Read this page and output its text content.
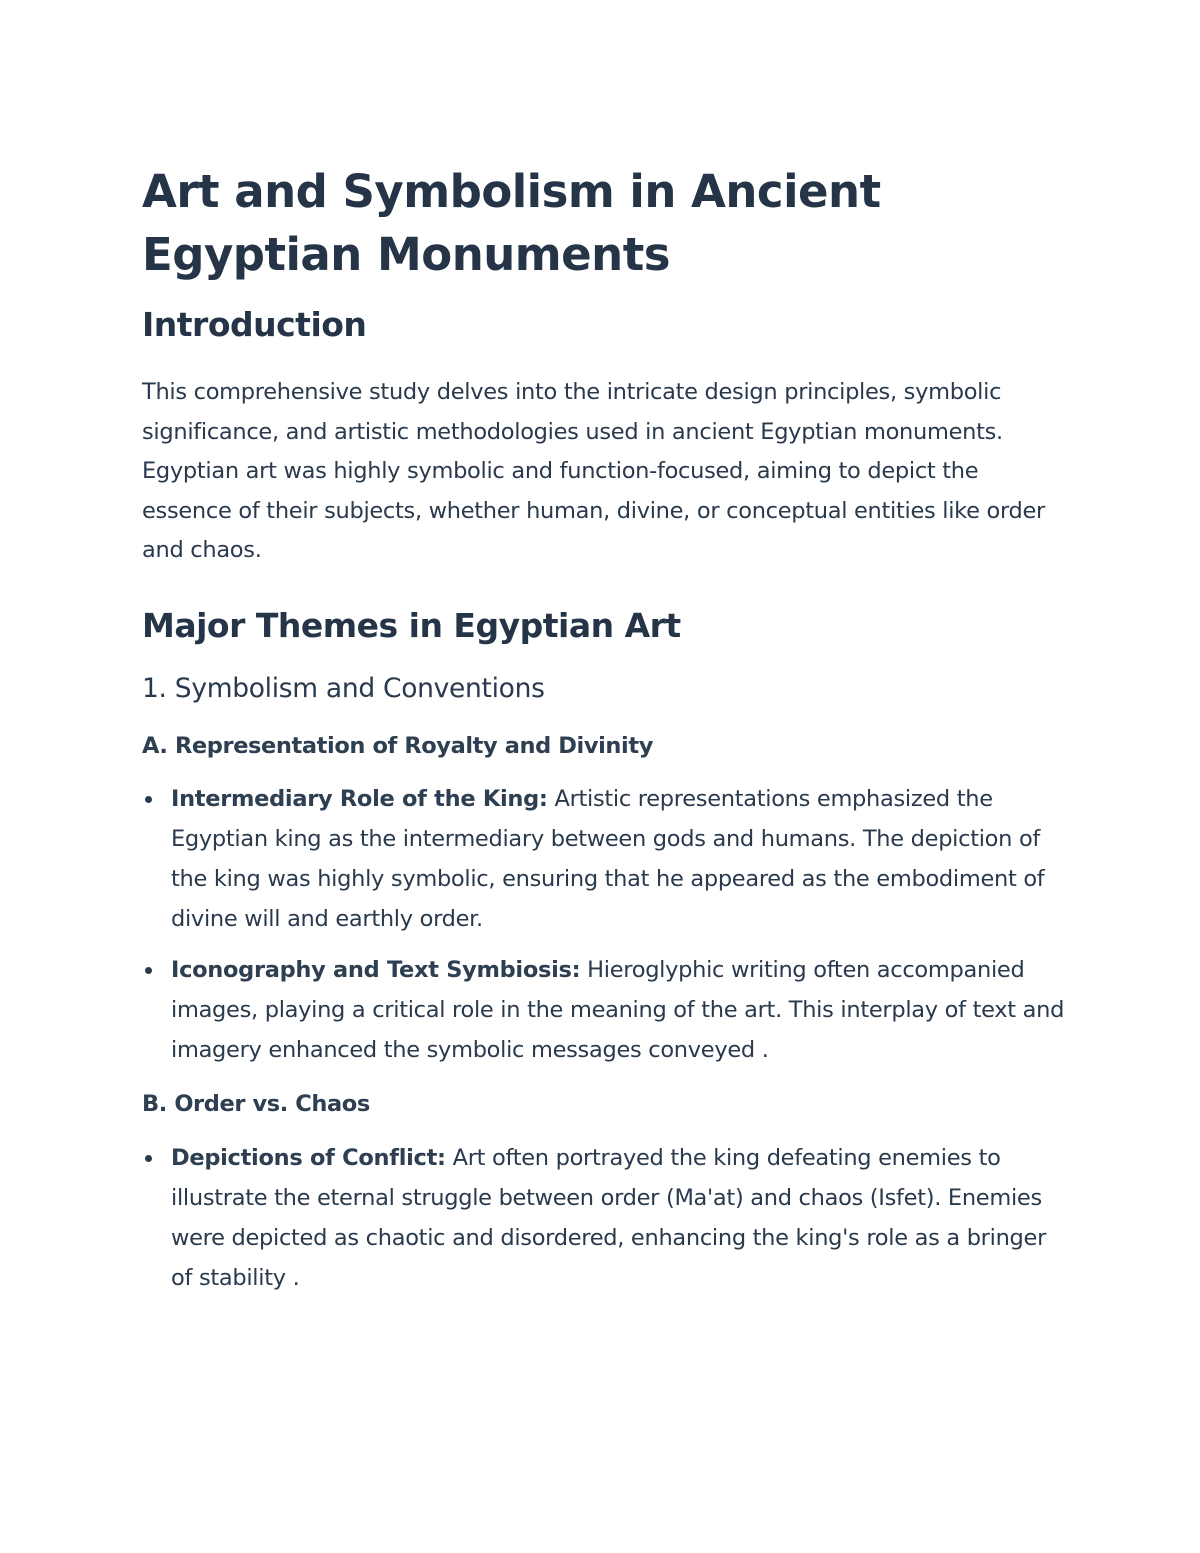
Art and Symbolism in Ancient Egyptian Monuments
Introduction

This comprehensive study delves into the intricate design principles, symbolic significance, and artistic methodologies used in ancient Egyptian monuments. Egyptian art was highly symbolic and function-focused, aiming to depict the essence of their subjects, whether human, divine, or conceptual entities like order and chaos.

Major Themes in Egyptian Art
1. Symbolism and Conventions
A. Representation of Royalty and Divinity
Intermediary Role of the King: Artistic representations emphasized the Egyptian king as the intermediary between gods and humans. The depiction of the king was highly symbolic, ensuring that he appeared as the embodiment of divine will and earthly order.
Iconography and Text Symbiosis: Hieroglyphic writing often accompanied images, playing a critical role in the meaning of the art. This interplay of text and imagery enhanced the symbolic messages conveyed .
B. Order vs. Chaos
Depictions of Conflict: Art often portrayed the king defeating enemies to illustrate the eternal struggle between order (Ma'at) and chaos (Isfet). Enemies were depicted as chaotic and disordered, enhancing the king's role as a bringer of stability .
